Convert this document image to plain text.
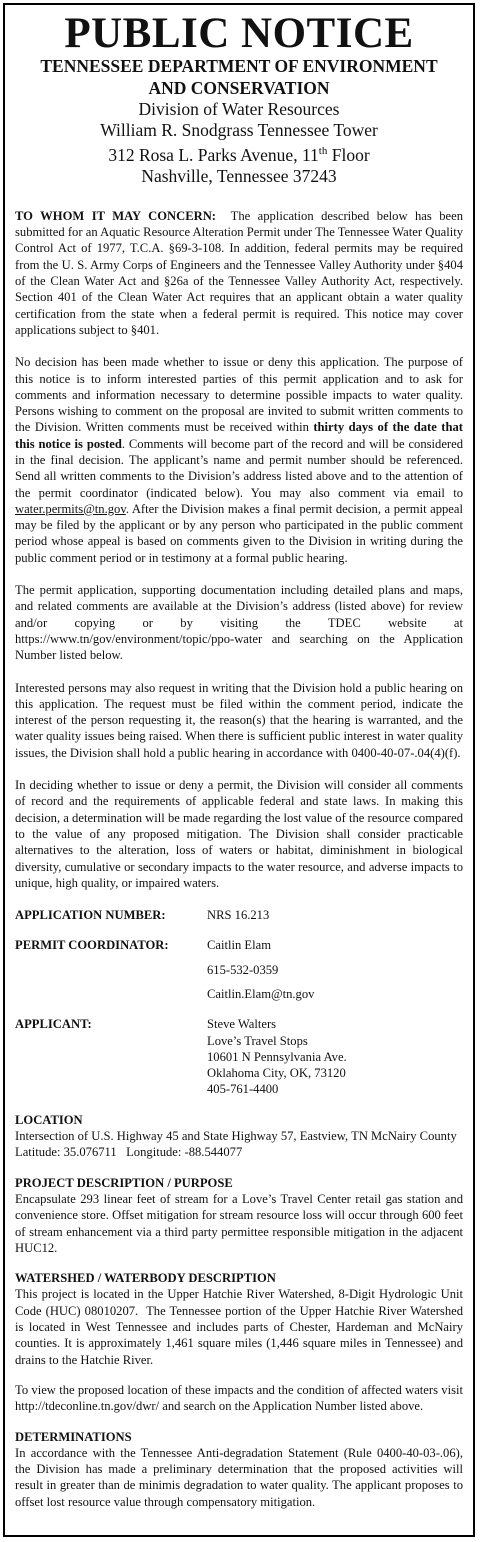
PUBLIC NOTICE
TENNESSEE DEPARTMENT OF ENVIRONMENT
AND CONSERVATION
Division of Water Resources
William R. Snodgrass Tennessee Tower
312 Rosa L. Parks Avenue, 11th Floor
Nashville, Tennessee 37243

TO WHOM IT MAY CONCERN:  The application described below has been submitted for an Aquatic Resource Alteration Permit under The Tennessee Water Quality Control Act of 1977, T.C.A. §69-3-108. In addition, federal permits may be required from the U. S. Army Corps of Engineers and the Tennessee Valley Authority under §404 of the Clean Water Act and §26a of the Tennessee Valley Authority Act, respectively. Section 401 of the Clean Water Act requires that an applicant obtain a water quality certification from the state when a federal permit is required. This notice may cover applications subject to §401.

No decision has been made whether to issue or deny this application. The purpose of this notice is to inform interested parties of this permit application and to ask for comments and information necessary to determine possible impacts to water quality. Persons wishing to comment on the proposal are invited to submit written comments to the Division. Written comments must be received within thirty days of the date that this notice is posted. Comments will become part of the record and will be considered in the final decision. The applicant’s name and permit number should be referenced. Send all written comments to the Division’s address listed above and to the attention of the permit coordinator (indicated below). You may also comment via email to water.permits@tn.gov. After the Division makes a final permit decision, a permit appeal may be filed by the applicant or by any person who participated in the public comment period whose appeal is based on comments given to the Division in writing during the public comment period or in testimony at a formal public hearing.

The permit application, supporting documentation including detailed plans and maps, and related comments are available at the Division’s address (listed above) for review and/or copying or by visiting the TDEC website at https://www.tn/gov/environment/topic/ppo-water and searching on the Application Number listed below.

Interested persons may also request in writing that the Division hold a public hearing on this application. The request must be filed within the comment period, indicate the interest of the person requesting it, the reason(s) that the hearing is warranted, and the water quality issues being raised. When there is sufficient public interest in water quality issues, the Division shall hold a public hearing in accordance with 0400-40-07-.04(4)(f).

In deciding whether to issue or deny a permit, the Division will consider all comments of record and the requirements of applicable federal and state laws. In making this decision, a determination will be made regarding the lost value of the resource compared to the value of any proposed mitigation. The Division shall consider practicable alternatives to the alteration, loss of waters or habitat, diminishment in biological diversity, cumulative or secondary impacts to the water resource, and adverse impacts to unique, high quality, or impaired waters.

APPLICATION NUMBER:	NRS 16.213
PERMIT COORDINATOR:	Caitlin Elam
615-532-0359
Caitlin.Elam@tn.gov
APPLICANT:	Steve Walters
Love’s Travel Stops
10601 N Pennsylvania Ave.
Oklahoma City, OK, 73120
405-761-4400
LOCATION
Intersection of U.S. Highway 45 and State Highway 57, Eastview, TN McNairy County
Latitude: 35.076711   Longitude: -88.544077
PROJECT DESCRIPTION / PURPOSE
Encapsulate 293 linear feet of stream for a Love’s Travel Center retail gas station and convenience store. Offset mitigation for stream resource loss will occur through 600 feet of stream enhancement via a third party permittee responsible mitigation in the adjacent HUC12.
WATERSHED / WATERBODY DESCRIPTION
This project is located in the Upper Hatchie River Watershed, 8-Digit Hydrologic Unit Code (HUC) 08010207.  The Tennessee portion of the Upper Hatchie River Watershed is located in West Tennessee and includes parts of Chester, Hardeman and McNairy counties. It is approximately 1,461 square miles (1,446 square miles in Tennessee) and drains to the Hatchie River.
To view the proposed location of these impacts and the condition of affected waters visit http://tdeconline.tn.gov/dwr/ and search on the Application Number listed above.
DETERMINATIONS
In accordance with the Tennessee Anti-degradation Statement (Rule 0400-40-03-.06), the Division has made a preliminary determination that the proposed activities will result in greater than de minimis degradation to water quality. The applicant proposes to offset lost resource value through compensatory mitigation.
